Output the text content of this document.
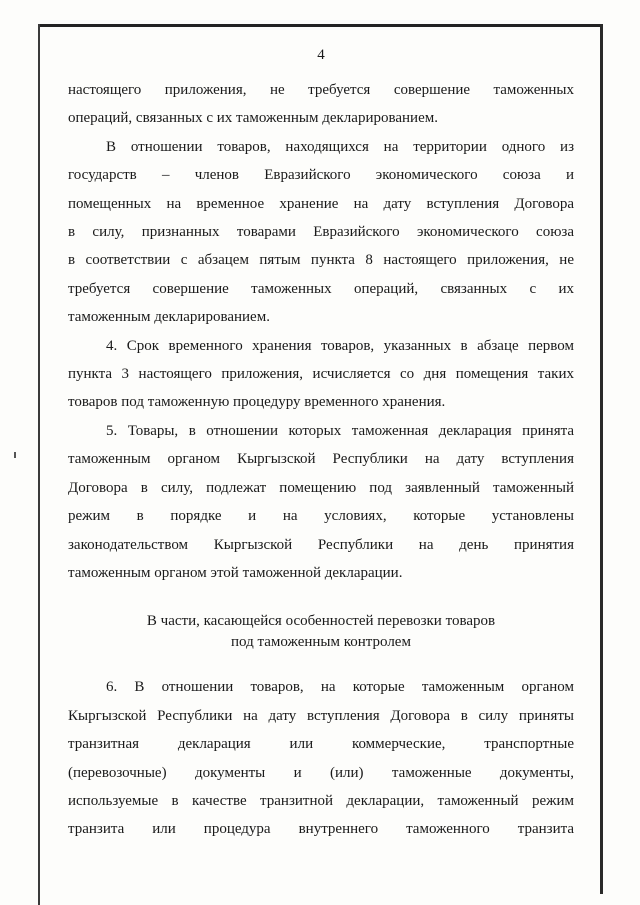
4
настоящего приложения, не требуется совершение таможенных
операций, связанных с их таможенным декларированием.
В отношении товаров, находящихся на территории одного из
государств – членов Евразийского экономического союза и
помещенных на временное хранение на дату вступления Договора
в силу, признанных товарами Евразийского экономического союза
в соответствии с абзацем пятым пункта 8 настоящего приложения, не
требуется совершение таможенных операций, связанных с их
таможенным декларированием.
4. Срок временного хранения товаров, указанных в абзаце первом
пункта 3 настоящего приложения, исчисляется со дня помещения таких
товаров под таможенную процедуру временного хранения.
5. Товары, в отношении которых таможенная декларация принята
таможенным органом Кыргызской Республики на дату вступления
Договора в силу, подлежат помещению под заявленный таможенный
режим в порядке и на условиях, которые установлены
законодательством Кыргызской Республики на день принятия
таможенным органом этой таможенной декларации.
В части, касающейся особенностей перевозки товаров
под таможенным контролем
6. В отношении товаров, на которые таможенным органом
Кыргызской Республики на дату вступления Договора в силу приняты
транзитная декларация или коммерческие, транспортные
(перевозочные) документы и (или) таможенные документы,
используемые в качестве транзитной декларации, таможенный режим
транзита или процедура внутреннего таможенного транзита
